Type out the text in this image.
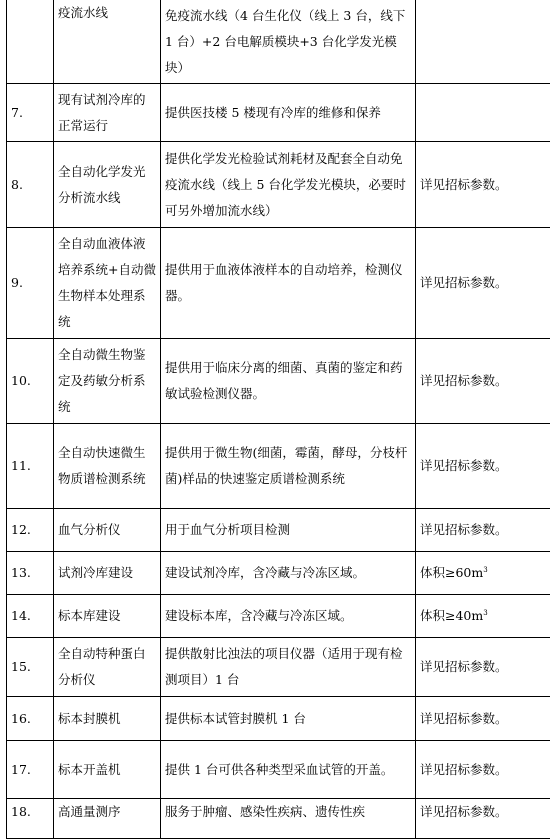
	疫流水线	免疫流水线（4 台生化仪（线上 3 台，线下 1 台）+2 台电解质模块+3 台化学发光模块）	

7.	现有试剂冷库的正常运行	提供医技楼 5 楼现有冷库的维修和保养	

8.	全自动化学发光分析流水线	提供化学发光检验试剂耗材及配套全自动免疫流水线（线上 5 台化学发光模块，必要时可另外增加流水线）	详见招标参数。

9.	全自动血液体液培养系统+自动微生物样本处理系统	提供用于血液体液样本的自动培养，检测仪器。	详见招标参数。

10.	全自动微生物鉴定及药敏分析系统	提供用于临床分离的细菌、真菌的鉴定和药敏试验检测仪器。	详见招标参数。

11.	全自动快速微生物质谱检测系统	提供用于微生物(细菌，霉菌，酵母，分枝杆菌)样品的快速鉴定质谱检测系统	详见招标参数。

12.	血气分析仪	用于血气分析项目检测	详见招标参数。

13.	试剂冷库建设	建设试剂冷库，含冷藏与冷冻区域。	体积$\ge 60m^3$

14.	标本库建设	建设标本库，含冷藏与冷冻区域。	体积$\ge 40m^3$

15.	全自动特种蛋白分析仪	提供散射比浊法的项目仪器（适用于现有检测项目）1 台	详见招标参数。

16.	标本封膜机	提供标本试管封膜机 1 台	详见招标参数。

17.	标本开盖机	提供 1 台可供各种类型采血试管的开盖。	详见招标参数。

18.	高通量测序	服务于肿瘤、感染性疾病、遗传性疾	详见招标参数。
